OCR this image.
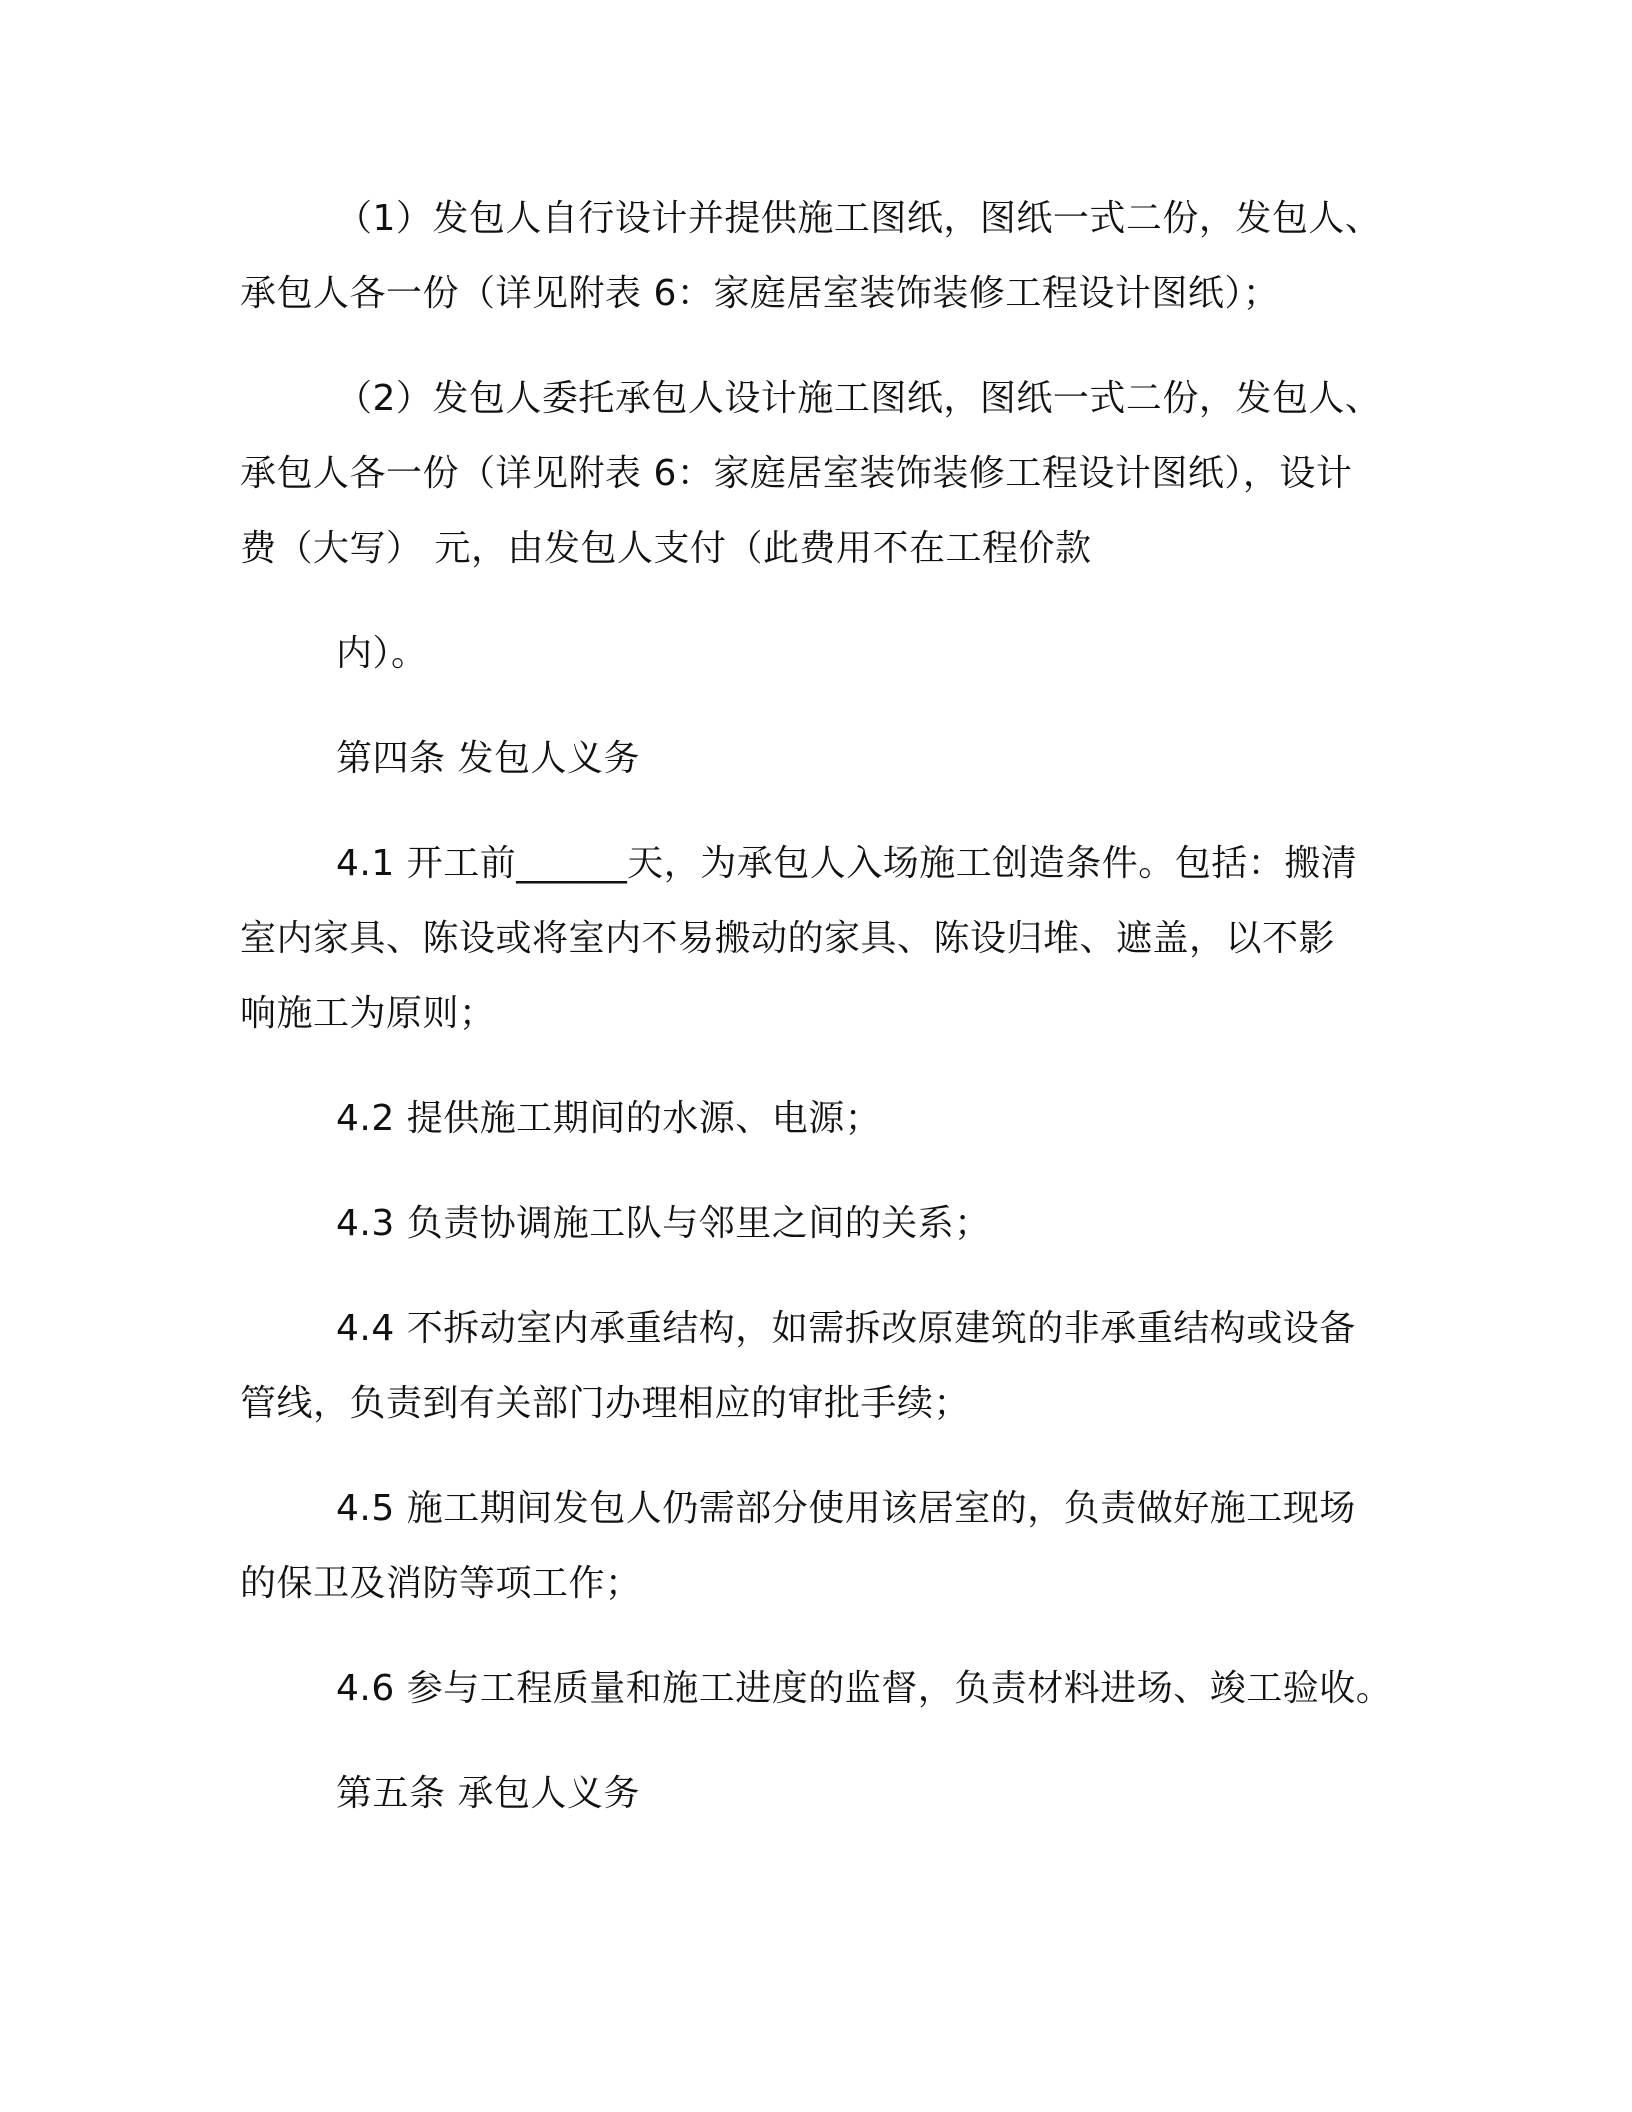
（1）发包人自行设计并提供施工图纸，图纸一式二份，发包人、

承包人各一份（详见附表 6：家庭居室装饰装修工程设计图纸）；

（2）发包人委托承包人设计施工图纸，图纸一式二份，发包人、

承包人各一份（详见附表 6：家庭居室装饰装修工程设计图纸），设计

费（大写） 元，由发包人支付（此费用不在工程价款

内）。

第四条 发包人义务

4.1 开工前______天，为承包人入场施工创造条件。包括：搬清

室内家具、陈设或将室内不易搬动的家具、陈设归堆、遮盖，以不影

响施工为原则；

4.2 提供施工期间的水源、电源；

4.3 负责协调施工队与邻里之间的关系；

4.4 不拆动室内承重结构，如需拆改原建筑的非承重结构或设备

管线，负责到有关部门办理相应的审批手续；

4.5 施工期间发包人仍需部分使用该居室的，负责做好施工现场

的保卫及消防等项工作；

4.6 参与工程质量和施工进度的监督，负责材料进场、竣工验收。

第五条 承包人义务
